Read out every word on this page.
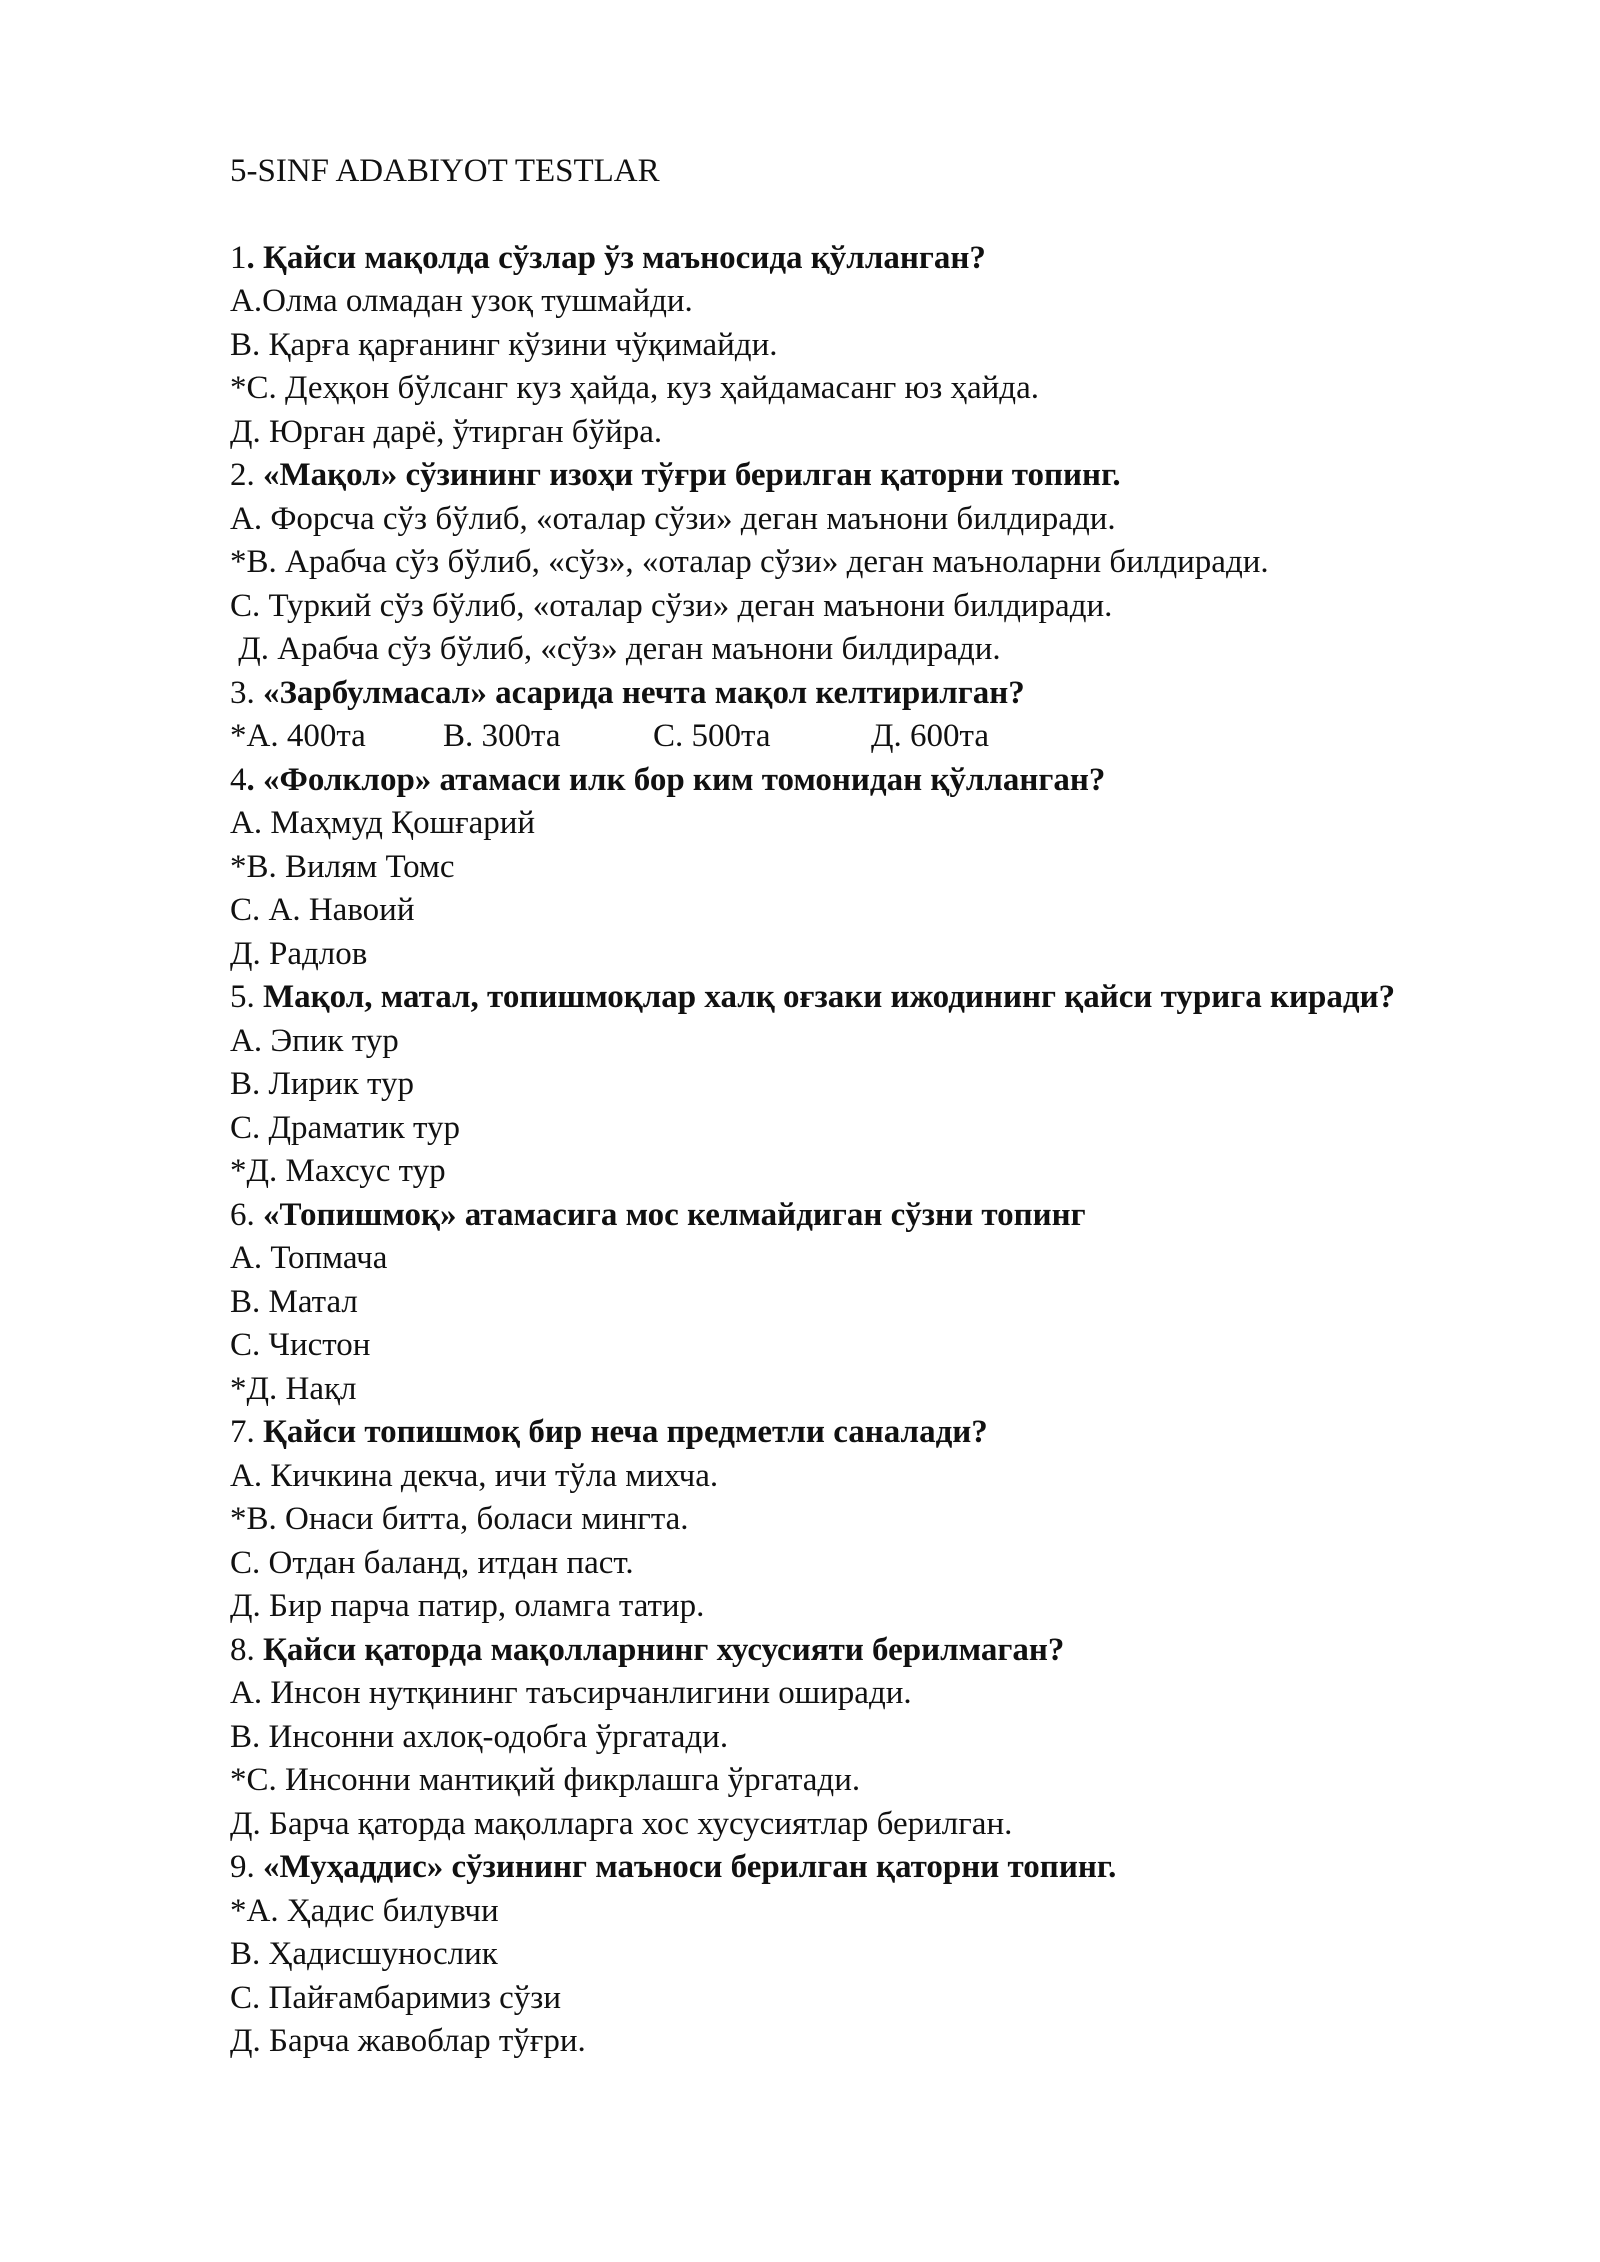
5-SINF ADABIYOT TESTLAR

1. Қайси мақолда сўзлар ўз маъносида қўлланган?

А.Олма олмадан узоқ тушмайди.

В. Қарға қарғанинг кўзини чўқимайди.

*С. Деҳқон бўлсанг куз ҳайда, куз ҳайдамасанг юз ҳайда.

Д. Юрган дарё, ўтирган бўйра.

2. «Мақол» сўзининг изоҳи тўғри берилган қаторни топинг.

А. Форсча сўз бўлиб, «оталар сўзи» деган маънони билдиради.

*В. Арабча сўз бўлиб, «сўз», «оталар сўзи» деган маъноларни билдиради.

С. Туркий сўз бўлиб, «оталар сўзи» деган маънони билдиради.

Д. Арабча сўз бўлиб, «сўз» деган маънони билдиради.

3. «Зарбулмасал» асарида нечта мақол келтирилган?

*А. 400та	В. 300та	С. 500та	Д. 600та

4. «Фолклор» атамаси илк бор ким томонидан қўлланган?

А. Маҳмуд Қошғарий

*В. Вилям Томс

С. А. Навоий

Д. Радлов

5. Мақол, матал, топишмоқлар халқ оғзаки ижодининг қайси турига киради?

А. Эпик тур

В. Лирик тур

С. Драматик тур

*Д. Махсус тур

6. «Топишмоқ» атамасига мос келмайдиган сўзни топинг

А. Топмача

В. Матал

С. Чистон

*Д. Нақл

7. Қайси топишмоқ бир неча предметли саналади?

А. Кичкина декча, ичи тўла михча.

*В. Онаси битта, боласи мингта.

С. Отдан баланд, итдан паст.

Д. Бир парча патир, оламга татир.

8. Қайси қаторда мақолларнинг хусусияти берилмаган?

А. Инсон нутқининг таъсирчанлигини оширади.

В. Инсонни ахлоқ-одобга ўргатади.

*С. Инсонни мантиқий фикрлашга ўргатади.

Д. Барча қаторда мақолларга хос хусусиятлар берилган.

9. «Муҳаддис» сўзининг маъноси берилган қаторни топинг.

*А. Ҳадис билувчи

В. Ҳадисшунослик

С. Пайғамбаримиз сўзи

Д. Барча жавоблар тўғри.
